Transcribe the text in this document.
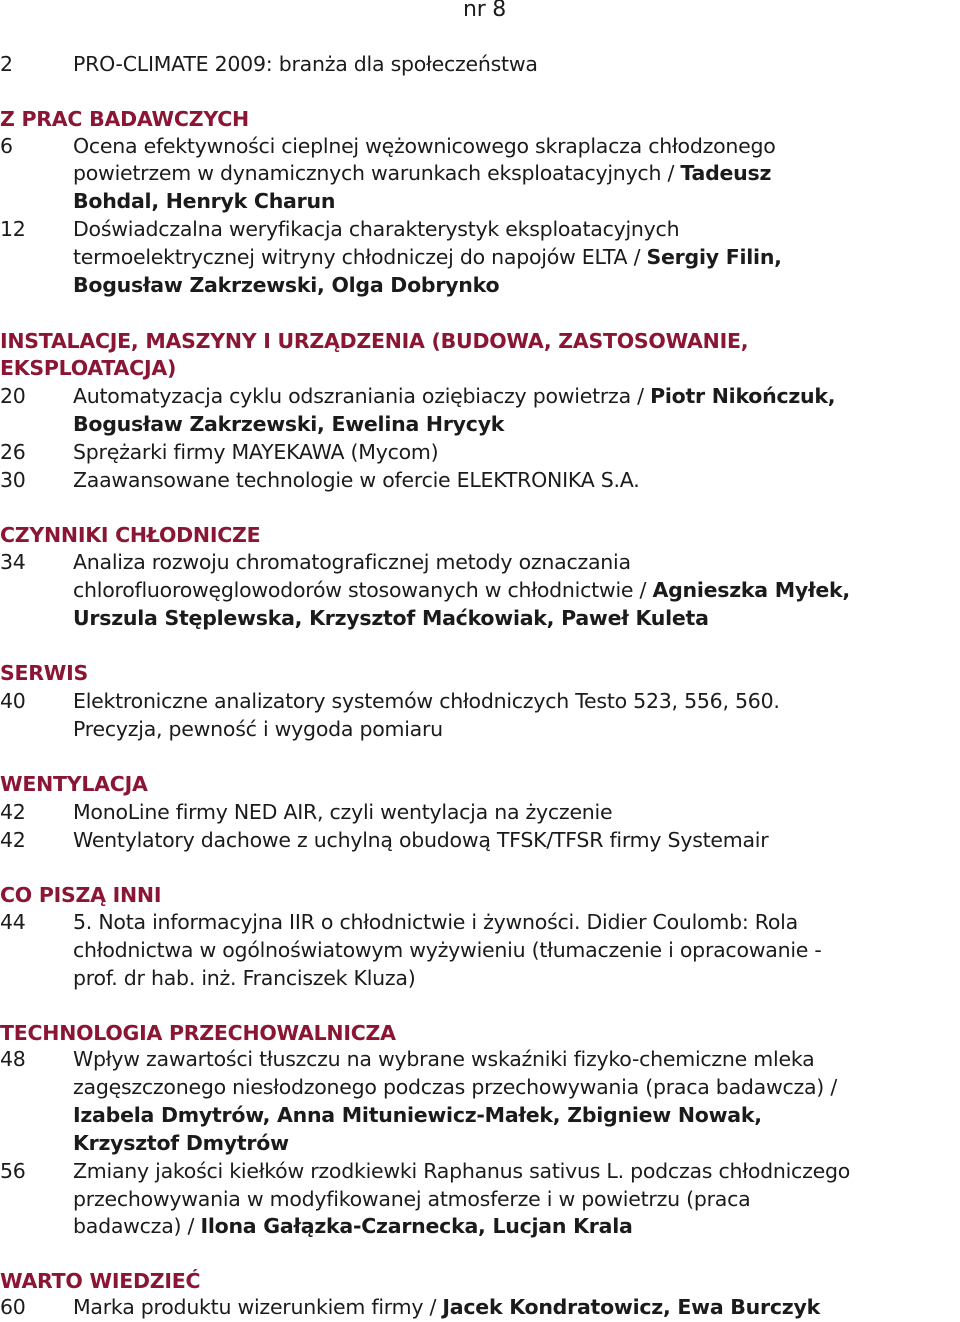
nr 8
2	PRO-CLIMATE 2009: branża dla społeczeństwa
Z PRAC BADAWCZYCH
6	Ocena efektywności cieplnej wężownicowego skraplacza chłodzonego
powietrzem w dynamicznych warunkach eksploatacyjnych / Tadeusz
Bohdal, Henryk Charun
12 Doświadczalna weryfikacja charakterystyk eksploatacyjnych
termoelektrycznej witryny chłodniczej do napojów ELTA / Sergiy Filin,
Bogusław Zakrzewski, Olga Dobrynko
INSTALACJE, MASZYNY I URZĄDZENIA (BUDOWA, ZASTOSOWANIE,
EKSPLOATACJA)
20 Automatyzacja cyklu odszraniania oziębiaczy powietrza / Piotr Nikończuk,
Bogusław Zakrzewski, Ewelina Hrycyk
26 Sprężarki firmy MAYEKAWA (Mycom)
30 Zaawansowane technologie w ofercie ELEKTRONIKA S.A.
CZYNNIKI CHŁODNICZE
34 Analiza rozwoju chromatograficznej metody oznaczania
chlorofluorowęglowodorów stosowanych w chłodnictwie / Agnieszka Myłek,
Urszula Stęplewska, Krzysztof Maćkowiak, Paweł Kuleta
SERWIS
40 Elektroniczne analizatory systemów chłodniczych Testo 523, 556, 560.
Precyzja, pewność i wygoda pomiaru
WENTYLACJA
42 MonoLine firmy NED AIR, czyli wentylacja na życzenie
42 Wentylatory dachowe z uchylną obudową TFSK/TFSR firmy Systemair
CO PISZĄ INNI
44 5. Nota informacyjna IIR o chłodnictwie i żywności. Didier Coulomb: Rola
chłodnictwa w ogólnoświatowym wyżywieniu (tłumaczenie i opracowanie -
prof. dr hab. inż. Franciszek Kluza)
TECHNOLOGIA PRZECHOWALNICZA
48 Wpływ zawartości tłuszczu na wybrane wskaźniki fizyko-chemiczne mleka
zagęszczonego niesłodzonego podczas przechowywania (praca badawcza) /
Izabela Dmytrów, Anna Mituniewicz-Małek, Zbigniew Nowak,
Krzysztof Dmytrów
56 Zmiany jakości kiełków rzodkiewki Raphanus sativus L. podczas chłodniczego
przechowywania w modyfikowanej atmosferze i w powietrzu (praca
badawcza) / Ilona Gałązka-Czarnecka, Lucjan Krala
WARTO WIEDZIEĆ
60 Marka produktu wizerunkiem firmy / Jacek Kondratowicz, Ewa Burczyk
